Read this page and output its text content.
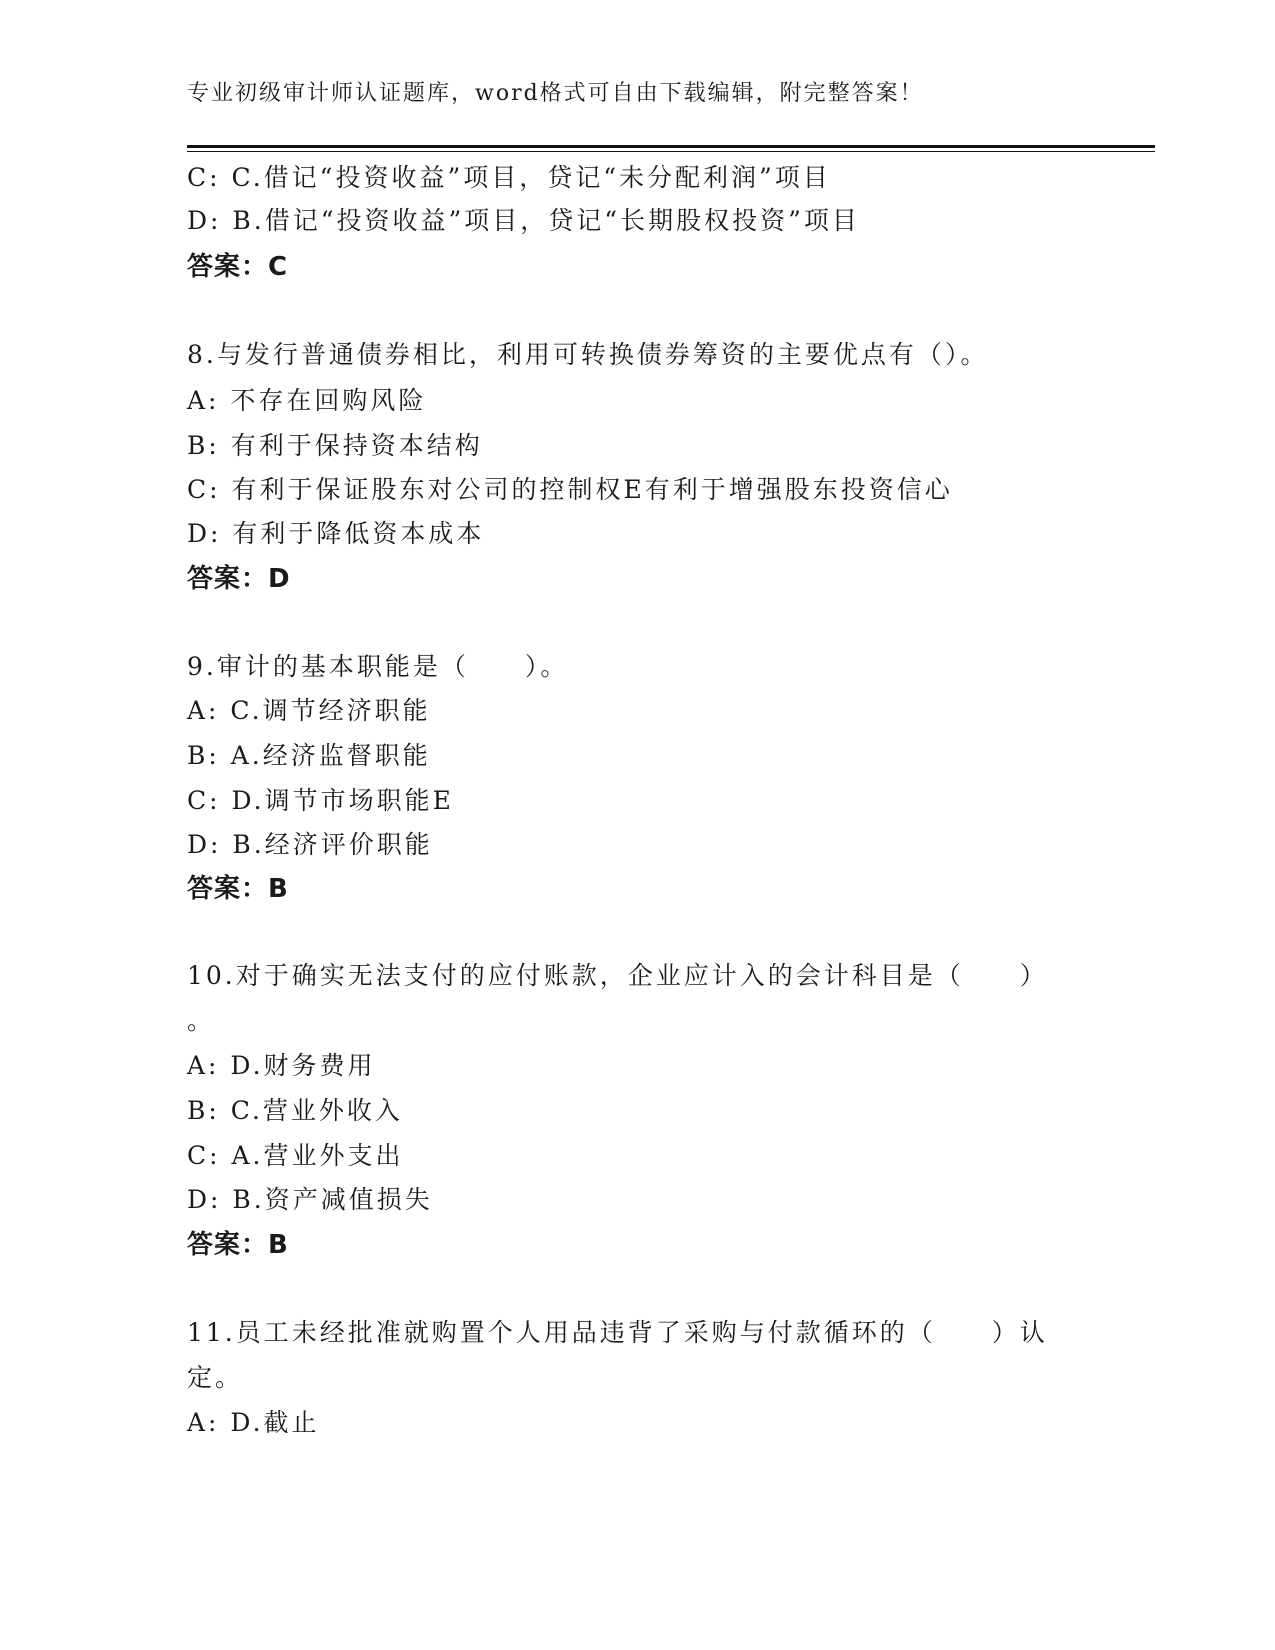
专业初级审计师认证题库，word格式可自由下载编辑，附完整答案！
C: C.借记“投资收益”项目，贷记“未分配利润”项目
D: B.借记“投资收益”项目，贷记“长期股权投资”项目
答案：C
8.与发行普通债券相比，利用可转换债券筹资的主要优点有（）。
A: 不存在回购风险
B: 有利于保持资本结构
C: 有利于保证股东对公司的控制权E有利于增强股东投资信心
D: 有利于降低资本成本
答案：D
9.审计的基本职能是（　　）。
A: C.调节经济职能
B: A.经济监督职能
C: D.调节市场职能E
D: B.经济评价职能
答案：B
10.对于确实无法支付的应付账款，企业应计入的会计科目是（　　）
。
A: D.财务费用
B: C.营业外收入
C: A.营业外支出
D: B.资产减值损失
答案：B
11.员工未经批准就购置个人用品违背了采购与付款循环的（　　）认
定。
A: D.截止
